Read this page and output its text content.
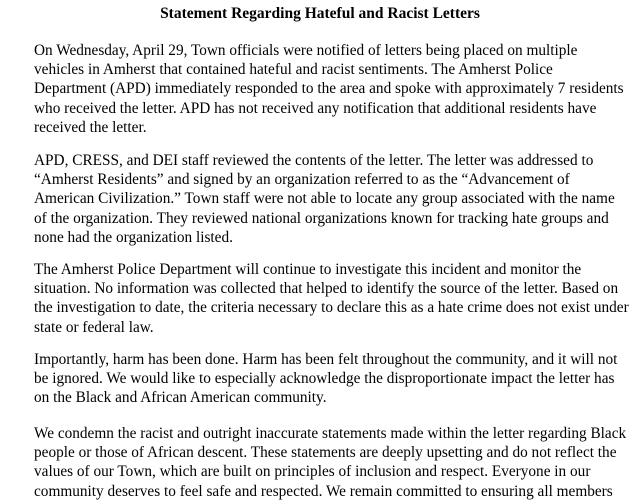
Statement Regarding Hateful and Racist Letters
On Wednesday, April 29, Town officials were notified of letters being placed on multiple
vehicles in Amherst that contained hateful and racist sentiments. The Amherst Police
Department (APD) immediately responded to the area and spoke with approximately 7 residents
who received the letter. APD has not received any notification that additional residents have
received the letter.
APD, CRESS, and DEI staff reviewed the contents of the letter. The letter was addressed to
“Amherst Residents” and signed by an organization referred to as the “Advancement of
American Civilization.” Town staff were not able to locate any group associated with the name
of the organization. They reviewed national organizations known for tracking hate groups and
none had the organization listed.
The Amherst Police Department will continue to investigate this incident and monitor the
situation. No information was collected that helped to identify the source of the letter. Based on
the investigation to date, the criteria necessary to declare this as a hate crime does not exist under
state or federal law.
Importantly, harm has been done. Harm has been felt throughout the community, and it will not
be ignored. We would like to especially acknowledge the disproportionate impact the letter has
on the Black and African American community.
We condemn the racist and outright inaccurate statements made within the letter regarding Black
people or those of African descent. These statements are deeply upsetting and do not reflect the
values of our Town, which are built on principles of inclusion and respect. Everyone in our
community deserves to feel safe and respected. We remain committed to ensuring all members
